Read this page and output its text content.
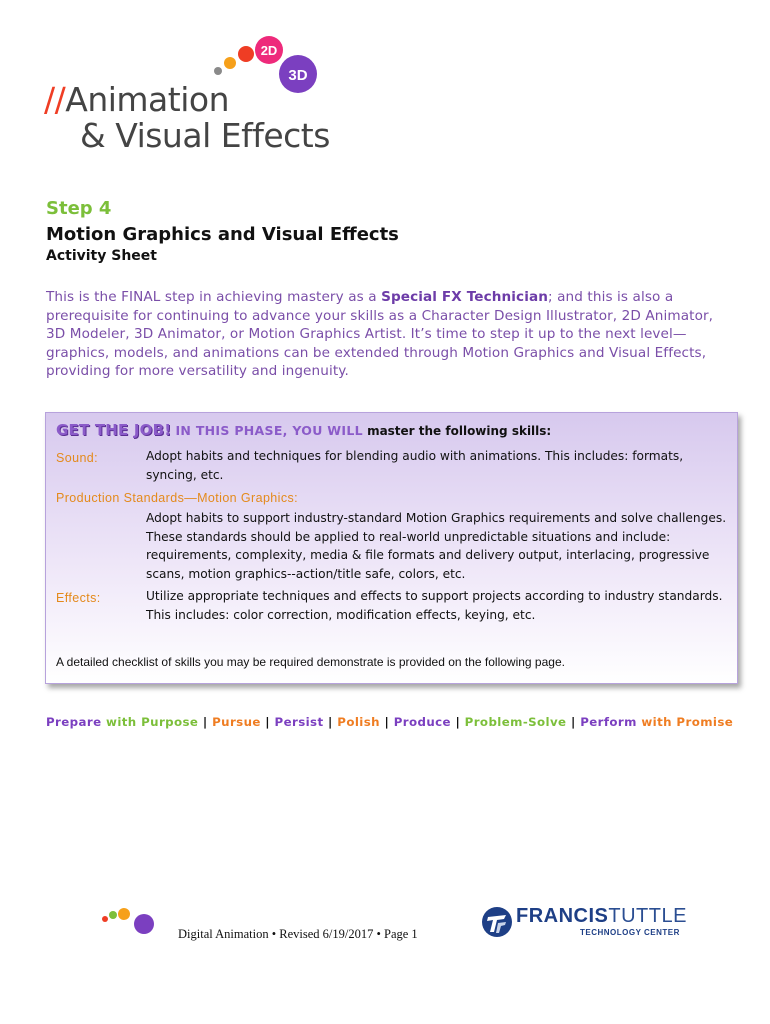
2D
3D
//Animation
& Visual Effects
Step 4
Motion Graphics and Visual Effects
Activity Sheet
This is the FINAL step in achieving mastery as a Special FX Technician; and this is also a prerequisite for continuing to advance your skills as a Character Design Illustrator, 2D Animator, 3D Modeler, 3D Animator, or Motion Graphics Artist. It’s time to step it up to the next level—graphics, models, and animations can be extended through Motion Graphics and Visual Effects, providing for more versatility and ingenuity.
GET THE JOB! IN THIS PHASE, YOU WILL master the following skills:
Sound:	Adopt habits and techniques for blending audio with animations. This includes: formats, syncing, etc.
Production Standards—Motion Graphics:
Adopt habits to support industry-standard Motion Graphics requirements and solve challenges. These standards should be applied to real-world unpredictable situations and include: requirements, complexity, media & file formats and delivery output, interlacing, progressive scans, motion graphics--action/title safe, colors, etc.
Effects:	Utilize appropriate techniques and effects to support projects according to industry standards. This includes: color correction, modification effects, keying, etc.
A detailed checklist of skills you may be required demonstrate is provided on the following page.
Prepare with Purpose | Pursue | Persist | Polish | Produce | Problem-Solve | Perform with Promise
Digital Animation • Revised 6/19/2017 • Page 1
FRANCISTUTTLE
TECHNOLOGY CENTER
